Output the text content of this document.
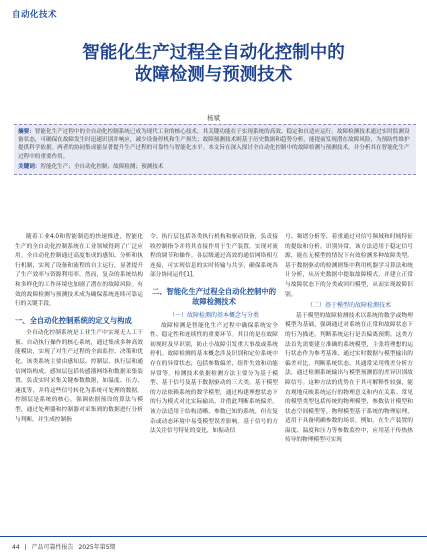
自动化技术
智能化生产过程全自动化控制中的
故障检测与预测技术
杨斌
摘要：智能化生产过程中的全自动化控制系统已成为现代工业的核心技术，其关键功能在于实现系统的高效、稳定和自适应运行。故障检测技术通过实时监测设备状态，可确保在故障发生时迅速识别并响应，减少设备停机和生产损失；故障预测技术则基于历史数据和趋势分析，能提前发现潜在故障风险，为预防性维护提供科学依据。两者的协同集成能显著提升生产过程的可靠性与智能化水平。本文旨在深入探讨全自动化控制中的故障检测与预测技术，并分析其在智能化生产过程中的重要作用。
关键词：智能化生产；全自动化控制；故障检测；预测技术

随着工业4.0和智能制造的快速推进，智能化生产的全自动化控制系统在工业领域得到了广泛应用。全自动化控制通过高度集成的感知、分析和执行机制，实现了设备和流程的自主运行，显著提升了生产效率与资源利用率。然而，复杂的系统结构和多样化的工作环境也加剧了潜在的故障风险。有效的故障检测与预测技术成为确保系统连续可靠运行的关键手段。

一、全自动化控制系统的定义与构成

全自动化控制系统是工业生产中实现无人工干预、自动执行操作的核心系统，通过集成多种高效能模块，实现了对生产过程的全面监控、决策和优化。该类系统主要由感知层、控制层、执行层和通信网络构成。感知层包括传感器网络和数据采集装置，负责实时采集关键参数数据，如温度、压力、速度等，并将这些信号转化为系统可处理的数据。控制层是系统的核心，强调依据预设的算法与模型，通过处理器和控制器对采集到的数据进行分析与判断，并生成控制指

令。执行层包括各类执行机构和驱动设备，负责接收控制指令并将其直接作用于生产装置，实现对流程的调节和操作。各层级通过高效的通信网络相互连接，可实现信息的实时传输与共享，确保系统各部分协同运作[1]。

二、智能化生产过程全自动化控制中的故障检测技术
（一）故障检测的基本概念与分类

故障检测是智能化生产过程中确保系统安全性、稳定性和连续性的重要环节。其目的是在故障初现时及早识别，防止小故障引发重大事故或系统停机。故障检测的基本概念涉及识别和定位系统中存在的异常状态，包括参数偏差、组件失效和功能异常等。检测技术依据检测方法主要分为基于模型、基于信号及基于数据驱动的三大类。基于模型的方法依赖系统的数学模型，通过构建理想状态下的行为模式对比实际输出，并借此判断系统偏差。该方法适用于结构清晰、参数已知的系统，但在复杂或动态环境中易受模型误差影响。基于信号的方法关注信号特征的变化，如振动信

号、频谱分析等，着重通过对信号频域和时域特征的提取和分析，识别异常。该方法适用于稳定信号源，能在无模型的情况下有效检测多种故障类型。基于数据驱动的检测则集中利用机器学习算法和统计分析，从历史数据中提取故障模式，并建立正常与故障状态下的分类或回归模型，从而实现故障识别。

（二）基于模型的故障检测技术

基于模型的故障检测技术以系统的数学或物理模型为基础，强调通过对系统在正常和故障状态下的行为描述，判断系统运行是否偏离预期。这类方法首先需要建立准确的系统模型，主张将理想的运行状态作为参考基准，通过实时数据与模型输出的偏差对比，判断系统状态。其通常采用残差分析方法，通过检测系统输出与模型预测值的差异识别故障信号。这种方法的优势在于其可解释性较强，能直观地反映系统运行的物理意义和内在关系。常见的模型类型包括传统的物理模型、参数估计模型和状态空间模型等。物理模型基于系统的物理原理，适用于具备明确参数的场景。例如，在生产装置的温度、温度和压力等参数监控中，应用基于传热热传导的物理模型可实现

44 | 产品可靠性报告 2025年第5期
